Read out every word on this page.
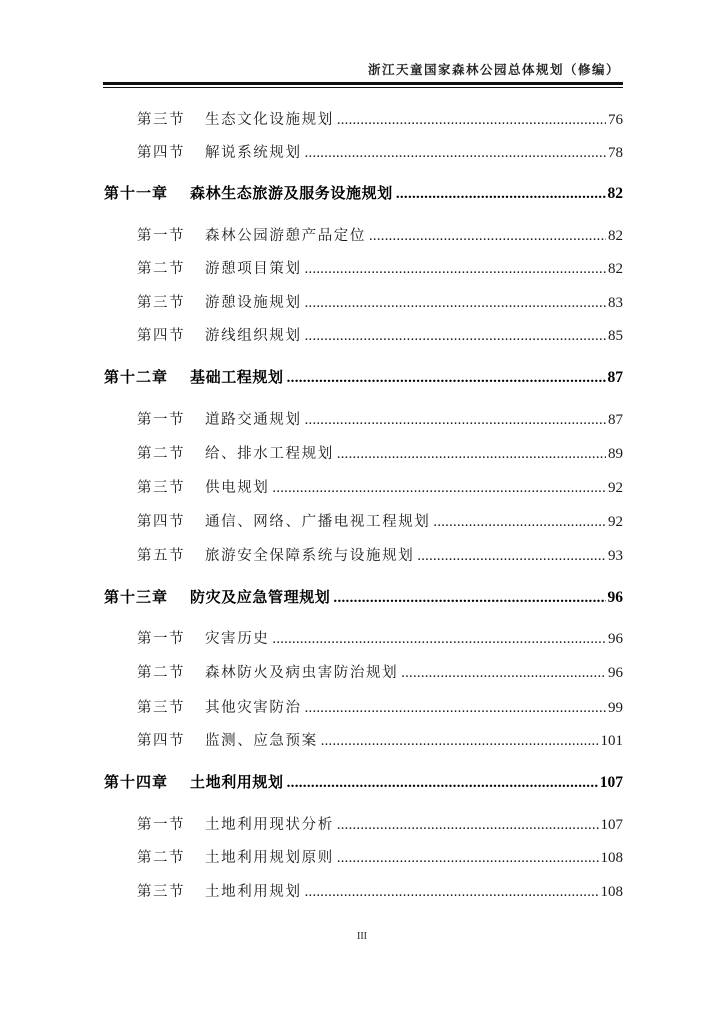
浙江天童国家森林公园总体规划（修编）
第三节	生态文化设施规划 .....	76
第四节	解说系统规划 .....	78
第十一章	森林生态旅游及服务设施规划 .....	82
第一节	森林公园游憩产品定位 .....	82
第二节	游憩项目策划 .....	82
第三节	游憩设施规划 .....	83
第四节	游线组织规划 .....	85
第十二章	基础工程规划 .....	87
第一节	道路交通规划 .....	87
第二节	给、排水工程规划 .....	89
第三节	供电规划 .....	92
第四节	通信、网络、广播电视工程规划 .....	92
第五节	旅游安全保障系统与设施规划 .....	93
第十三章	防灾及应急管理规划 .....	96
第一节	灾害历史 .....	96
第二节	森林防火及病虫害防治规划 .....	96
第三节	其他灾害防治 .....	99
第四节	监测、应急预案 .....	101
第十四章	土地利用规划 .....	107
第一节	土地利用现状分析 .....	107
第二节	土地利用规划原则 .....	108
第三节	土地利用规划 .....	108
III
